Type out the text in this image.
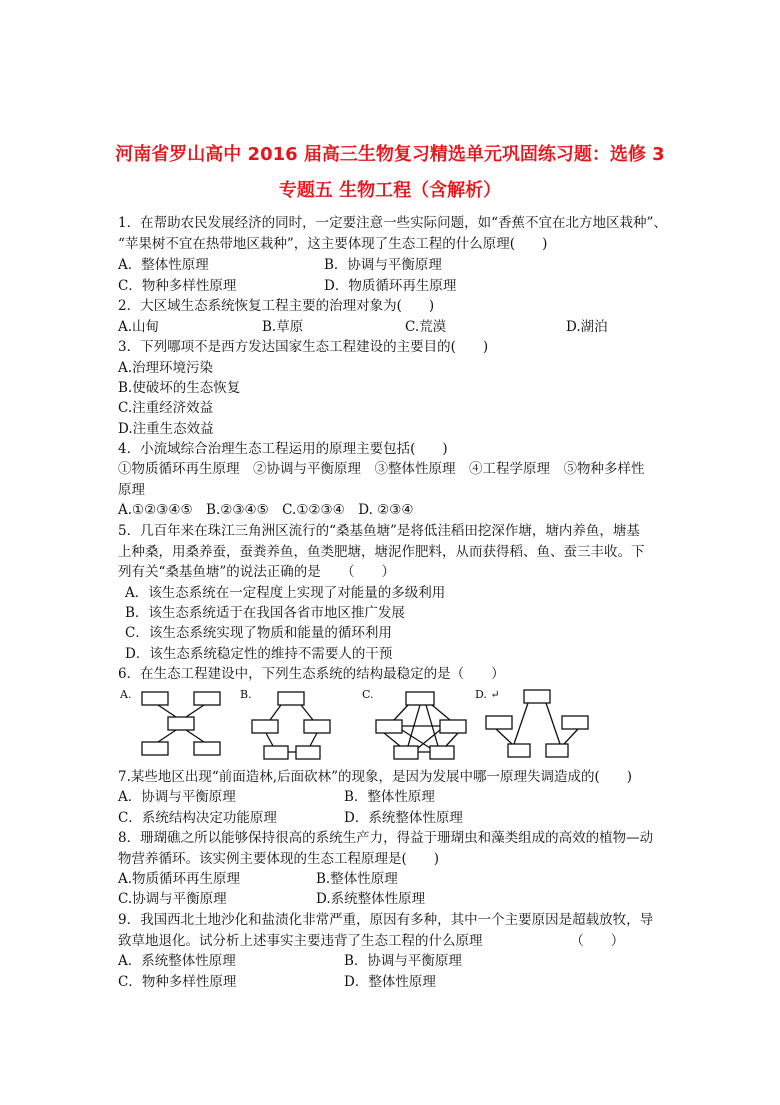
河南省罗山高中 2016 届高三生物复习精选单元巩固练习题：选修 3
专题五 生物工程（含解析）
1．在帮助农民发展经济的同时，一定要注意一些实际问题，如“香蕉不宜在北方地区栽种”、
“苹果树不宜在热带地区栽种”，这主要体现了生态工程的什么原理(　　)
A．整体性原理	B．协调与平衡原理
C．物种多样性原理	D．物质循环再生原理
2．大区域生态系统恢复工程主要的治理对象为(　　)
A.山甸	B.草原	C.荒漠	D.湖泊
3．下列哪项不是西方发达国家生态工程建设的主要目的(　　)
A.治理环境污染
B.使破坏的生态恢复
C.注重经济效益
D.注重生态效益
4．小流域综合治理生态工程运用的原理主要包括(　　)
①物质循环再生原理　②协调与平衡原理　③整体性原理　④工程学原理　⑤物种多样性
原理
A.①②③④⑤　B.②③④⑤　C.①②③④　D. ②③④
5．几百年来在珠江三角洲区流行的“桑基鱼塘”是将低洼稻田挖深作塘，塘内养鱼，塘基
上种桑，用桑养蚕，蚕粪养鱼，鱼类肥塘，塘泥作肥料，从而获得稻、鱼、蚕三丰收。下
列有关“桑基鱼塘”的说法正确的是　　（　　）
A．该生态系统在一定程度上实现了对能量的多级利用
B．该生态系统适于在我国各省市地区推广发展
C．该生态系统实现了物质和能量的循环利用
D．该生态系统稳定性的维持不需要人的干预
6．在生态工程建设中，下列生态系统的结构最稳定的是（　　）
A.	B.	C.	D. ↵
7.某些地区出现“前面造林,后面砍林”的现象，是因为发展中哪一原理失调造成的(　　)
A．协调与平衡原理	B．整体性原理
C．系统结构决定功能原理	D．系统整体性原理
8．珊瑚礁之所以能够保持很高的系统生产力，得益于珊瑚虫和藻类组成的高效的植物—动
物营养循环。该实例主要体现的生态工程原理是(　　)
A.物质循环再生原理	B.整体性原理
C.协调与平衡原理	D.系统整体性原理
9．我国西北土地沙化和盐渍化非常严重，原因有多种，其中一个主要原因是超载放牧，导
致草地退化。试分析上述事实主要违背了生态工程的什么原理　　　　　　　（　　）
A．系统整体性原理	B．协调与平衡原理
C．物种多样性原理	D．整体性原理
